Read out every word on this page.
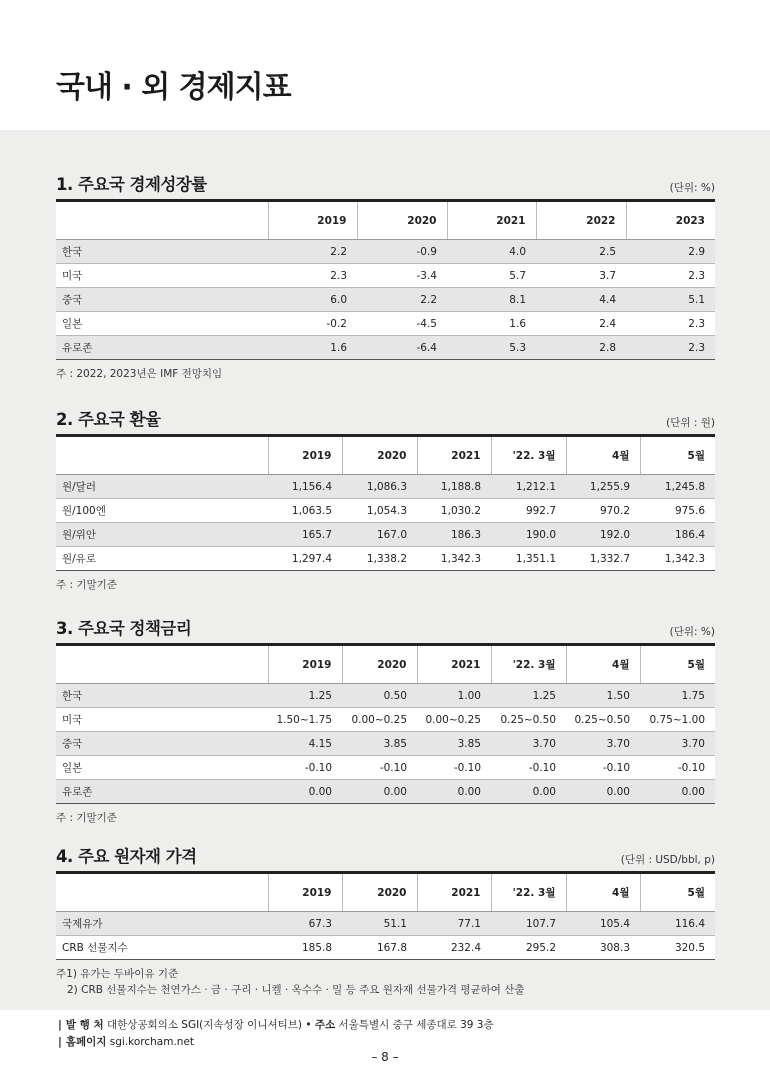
국내 · 외 경제지표
1. 주요국 경제성장률	(단위: %)
	2019	2020	2021	2022	2023
한국	2.2	-0.9	4.0	2.5	2.9
미국	2.3	-3.4	5.7	3.7	2.3
중국	6.0	2.2	8.1	4.4	5.1
일본	-0.2	-4.5	1.6	2.4	2.3
유로존	1.6	-6.4	5.3	2.8	2.3
주 : 2022, 2023년은 IMF 전망치임
2. 주요국 환율	(단위 : 원)
	2019	2020	2021	'22. 3월	4월	5월
원/달러	1,156.4	1,086.3	1,188.8	1,212.1	1,255.9	1,245.8
원/100엔	1,063.5	1,054.3	1,030.2	992.7	970.2	975.6
원/위안	165.7	167.0	186.3	190.0	192.0	186.4
원/유로	1,297.4	1,338.2	1,342.3	1,351.1	1,332.7	1,342.3
주 : 기말기준
3. 주요국 정책금리	(단위: %)
	2019	2020	2021	'22. 3월	4월	5월
한국	1.25	0.50	1.00	1.25	1.50	1.75
미국	1.50~1.75	0.00~0.25	0.00~0.25	0.25~0.50	0.25~0.50	0.75~1.00
중국	4.15	3.85	3.85	3.70	3.70	3.70
일본	-0.10	-0.10	-0.10	-0.10	-0.10	-0.10
유로존	0.00	0.00	0.00	0.00	0.00	0.00
주 : 기말기준
4. 주요 원자재 가격	(단위 : USD/bbl, p)
	2019	2020	2021	'22. 3월	4월	5월
국제유가	67.3	51.1	77.1	107.7	105.4	116.4
CRB 선물지수	185.8	167.8	232.4	295.2	308.3	320.5
주1) 유가는 두바이유 기준
2) CRB 선물지수는 천연가스 · 금 · 구리 · 니켈 · 옥수수 · 밀 등 주요 원자재 선물가격 평균하여 산출
| 발 행 처 대한상공회의소 SGI(지속성장 이니셔티브) • 주소 서울특별시 중구 세종대로 39 3층
| 홈페이지 sgi.korcham.net
– 8 –
